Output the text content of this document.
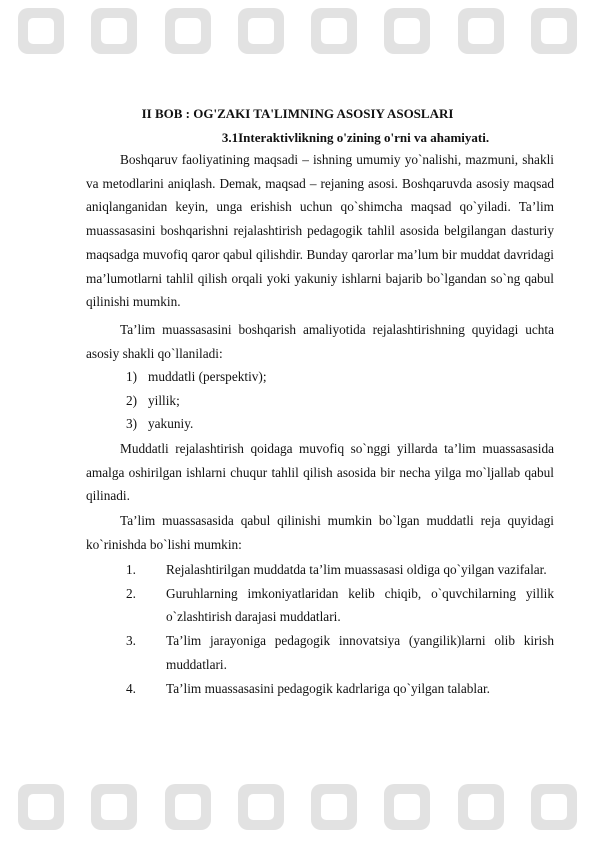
II BOB : OG'ZAKI TA'LIMNING ASOSIY ASOSLARI
3.1Interaktivlikning o'zining o'rni va ahamiyati.
Boshqaruv faoliyatining maqsadi – ishning umumiy yo`nalishi, mazmuni, shakli va metodlarini aniqlash. Demak, maqsad – rejaning asosi. Boshqaruvda asosiy maqsad aniqlanganidan keyin, unga erishish uchun qo`shimcha maqsad qo`yiladi. Ta’lim muassasasini boshqarishni rejalashtirish pedagogik tahlil asosida belgilangan dasturiy maqsadga muvofiq qaror qabul qilishdir. Bunday qarorlar ma’lum bir muddat davridagi ma’lumotlarni tahlil qilish orqali yoki yakuniy ishlarni bajarib bo`lgandan so`ng qabul qilinishi mumkin.
Ta’lim muassasasini boshqarish amaliyotida rejalashtirishning quyidagi uchta asosiy shakli qo`llaniladi:
1) muddatli (perspektiv);
2) yillik;
3) yakuniy.
Muddatli rejalashtirish qoidaga muvofiq so`nggi yillarda ta’lim muassasasida amalga oshirilgan ishlarni chuqur tahlil qilish asosida bir necha yilga mo`ljallab qabul qilinadi.
Ta’lim muassasasida qabul qilinishi mumkin bo`lgan muddatli reja quyidagi ko`rinishda bo`lishi mumkin:
1.	Rejalashtirilgan muddatda ta’lim muassasasi oldiga qo`yilgan vazifalar.
2.	Guruhlarning imkoniyatlaridan kelib chiqib, o`quvchilarning yillik o`zlashtirish darajasi muddatlari.
3.	Ta’lim jarayoniga pedagogik innovatsiya (yangilik)larni olib kirish muddatlari.
4.	Ta’lim muassasasini pedagogik kadrlariga qo`yilgan talablar.
